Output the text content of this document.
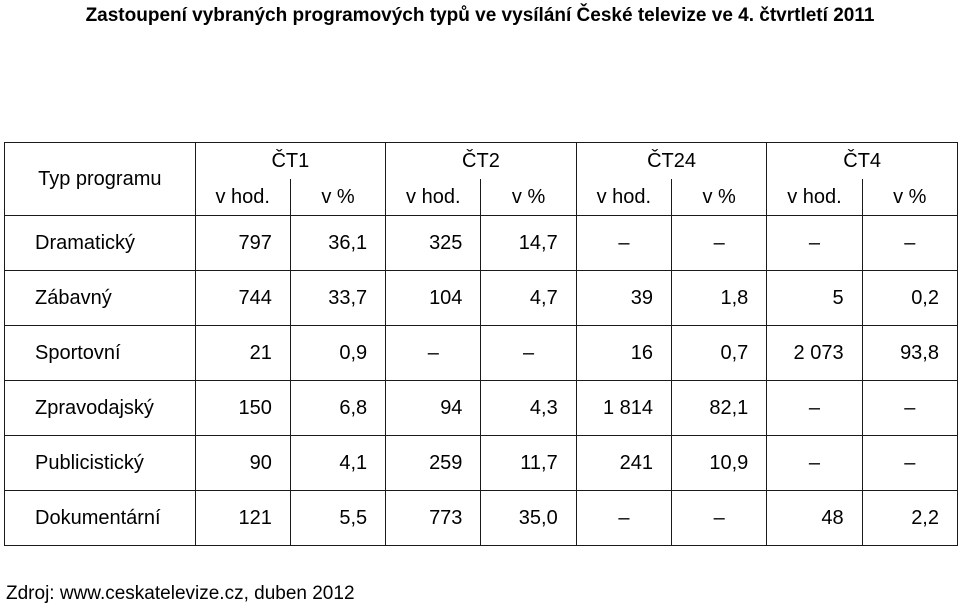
Zastoupení vybraných programových typů ve vysílání České televize ve 4. čtvrtletí 2011
Typ programu	ČT1		ČT2		ČT24		ČT4	
	v hod.	v %	v hod.	v %	v hod.	v %	v hod.	v %
Dramatický	797	36,1	325	14,7	–	–	–	–
Zábavný	744	33,7	104	4,7	39	1,8	5	0,2
Sportovní	21	0,9	–	–	16	0,7	2 073	93,8
Zpravodajský	150	6,8	94	4,3	1 814	82,1	–	–
Publicistický	90	4,1	259	11,7	241	10,9	–	–
Dokumentární	121	5,5	773	35,0	–	–	48	2,2
Zdroj: www.ceskatelevize.cz, duben 2012
